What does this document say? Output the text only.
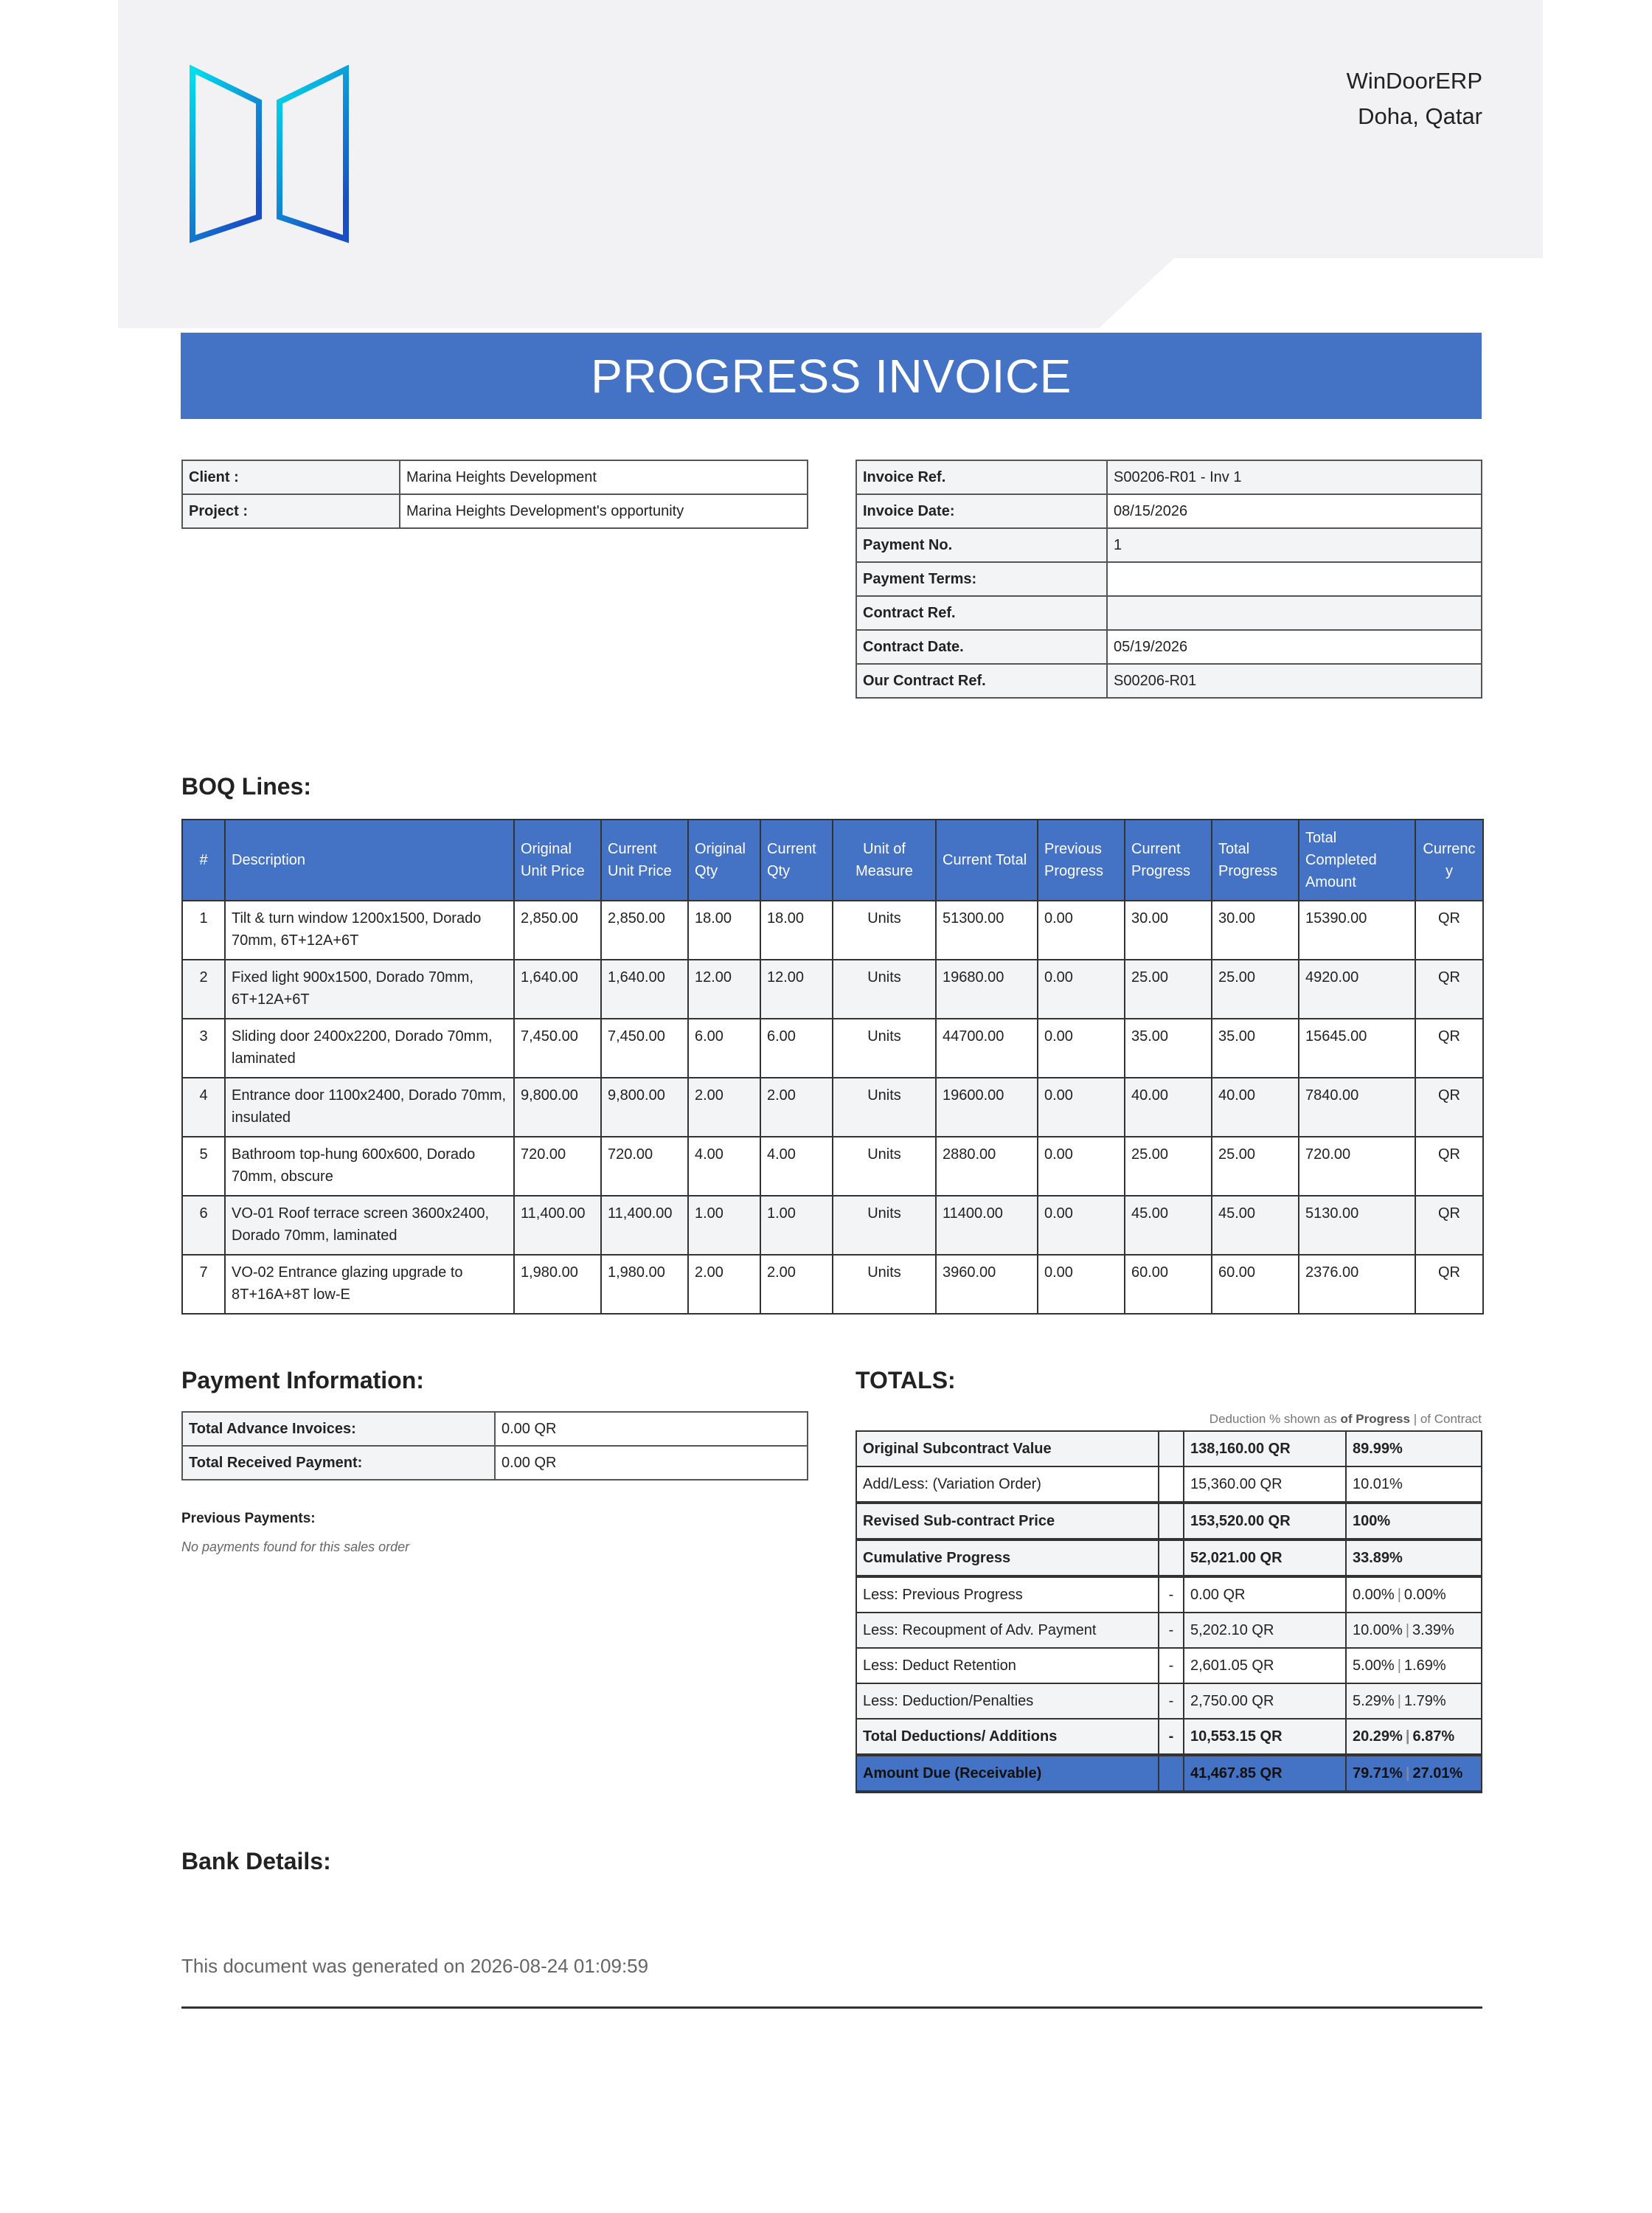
WinDoorERP
Doha, Qatar
PROGRESS INVOICE
Client :	Marina Heights Development
Project :	Marina Heights Development's opportunity
Invoice Ref.	S00206-R01 - Inv 1
Invoice Date:	08/15/2026
Payment No.	1
Payment Terms:	
Contract Ref.	
Contract Date.	05/19/2026
Our Contract Ref.	S00206-R01
BOQ Lines:
#	Description	Original Unit Price	Current Unit Price	Original Qty	Current Qty	Unit of Measure	Current Total	Previous Progress	Current Progress	Total Progress	Total Completed Amount	Currenc y
1	Tilt & turn window 1200x1500, Dorado 70mm, 6T+12A+6T	2,850.00	2,850.00	18.00	18.00	Units	51300.00	0.00	30.00	30.00	15390.00	QR
2	Fixed light 900x1500, Dorado 70mm, 6T+12A+6T	1,640.00	1,640.00	12.00	12.00	Units	19680.00	0.00	25.00	25.00	4920.00	QR
3	Sliding door 2400x2200, Dorado 70mm, laminated	7,450.00	7,450.00	6.00	6.00	Units	44700.00	0.00	35.00	35.00	15645.00	QR
4	Entrance door 1100x2400, Dorado 70mm, insulated	9,800.00	9,800.00	2.00	2.00	Units	19600.00	0.00	40.00	40.00	7840.00	QR
5	Bathroom top-hung 600x600, Dorado 70mm, obscure	720.00	720.00	4.00	4.00	Units	2880.00	0.00	25.00	25.00	720.00	QR
6	VO-01 Roof terrace screen 3600x2400, Dorado 70mm, laminated	11,400.00	11,400.00	1.00	1.00	Units	11400.00	0.00	45.00	45.00	5130.00	QR
7	VO-02 Entrance glazing upgrade to 8T+16A+8T low-E	1,980.00	1,980.00	2.00	2.00	Units	3960.00	0.00	60.00	60.00	2376.00	QR
Payment Information:
Total Advance Invoices:	0.00 QR
Total Received Payment:	0.00 QR
Previous Payments:
No payments found for this sales order
TOTALS:
Deduction % shown as of Progress | of Contract
Original Subcontract Value		138,160.00 QR	89.99%
Add/Less: (Variation Order)		15,360.00 QR	10.01%
Revised Sub-contract Price		153,520.00 QR	100%
Cumulative Progress		52,021.00 QR	33.89%
Less: Previous Progress	-	0.00 QR	0.00% | 0.00%
Less: Recoupment of Adv. Payment	-	5,202.10 QR	10.00% | 3.39%
Less: Deduct Retention	-	2,601.05 QR	5.00% | 1.69%
Less: Deduction/Penalties	-	2,750.00 QR	5.29% | 1.79%
Total Deductions/ Additions	-	10,553.15 QR	20.29% | 6.87%
Amount Due (Receivable)		41,467.85 QR	79.71% | 27.01%
Bank Details:
This document was generated on 2026-08-24 01:09:59
